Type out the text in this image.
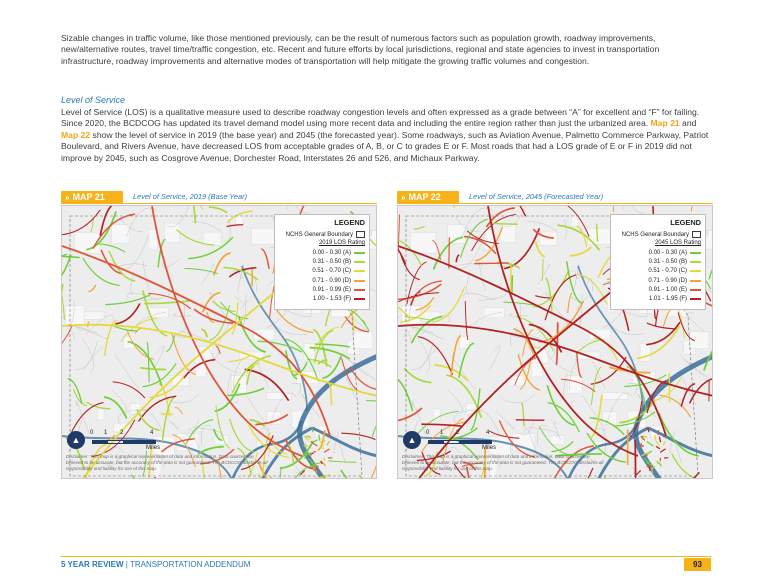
Sizable changes in traffic volume, like those mentioned previously, can be the result of numerous factors such as population growth, roadway improvements, new/alternative routes, travel time/traffic congestion, etc. Recent and future efforts by local jurisdictions, regional and state agencies to invest in transportation infrastructure, roadway improvements and alternative modes of transportation will help mitigate the growing traffic volumes and congestion.

Level of Service

Level of Service (LOS) is a qualitative measure used to describe roadway congestion levels and often expressed as a grade between “A” for excellent and “F” for failing. Since 2020, the BCDCOG has updated its travel demand model using more recent data and including the entire region rather than just the urbanized area. Map 21 and Map 22 show the level of service in 2019 (the base year) and 2045 (the forecasted year). Some roadways, such as Aviation Avenue, Palmetto Commerce Parkway, Patriot Boulevard, and Rivers Avenue, have decreased LOS from acceptable grades of A, B, or C to grades E or F. Most roads that had a LOS grade of E or F in 2019 did not improve by 2045, such as Cosgrove Avenue, Dorchester Road, Interstates 26 and 526, and Michaux Parkway.

» MAP 21	Level of Service, 2019 (Base Year)
LEGEND
NCHS General Boundary
2019 LOS Rating
0.00 - 0.30 (A)
0.31 - 0.50 (B)
0.51 - 0.70 (C)
0.71 - 0.90 (D)
0.91 - 0.99 (E)
1.00 - 1.53 (F)
▲
0 1 2	4
Miles
Disclaimer: This map is a graphical representation of data and information. Data sources are believed to be accurate, but the accuracy of the data is not guaranteed. The BCDCOG disclaims all responsibility and liability for use of this map.
» MAP 22	Level of Service, 2045 (Forecasted Year)
LEGEND
NCHS General Boundary
2045 LOS Rating
0.00 - 0.30 (A)
0.31 - 0.50 (B)
0.51 - 0.70 (C)
0.71 - 0.90 (D)
0.91 - 1.00 (E)
1.01 - 1.95 (F)
▲
0 1 2	4
Miles
Disclaimer: This map is a graphical representation of data and information. Data sources are believed to be accurate, but the accuracy of the data is not guaranteed. The BCDCOG disclaims all responsibility and liability for use of this map.
5 YEAR REVIEW | TRANSPORTATION ADDENDUM	93
